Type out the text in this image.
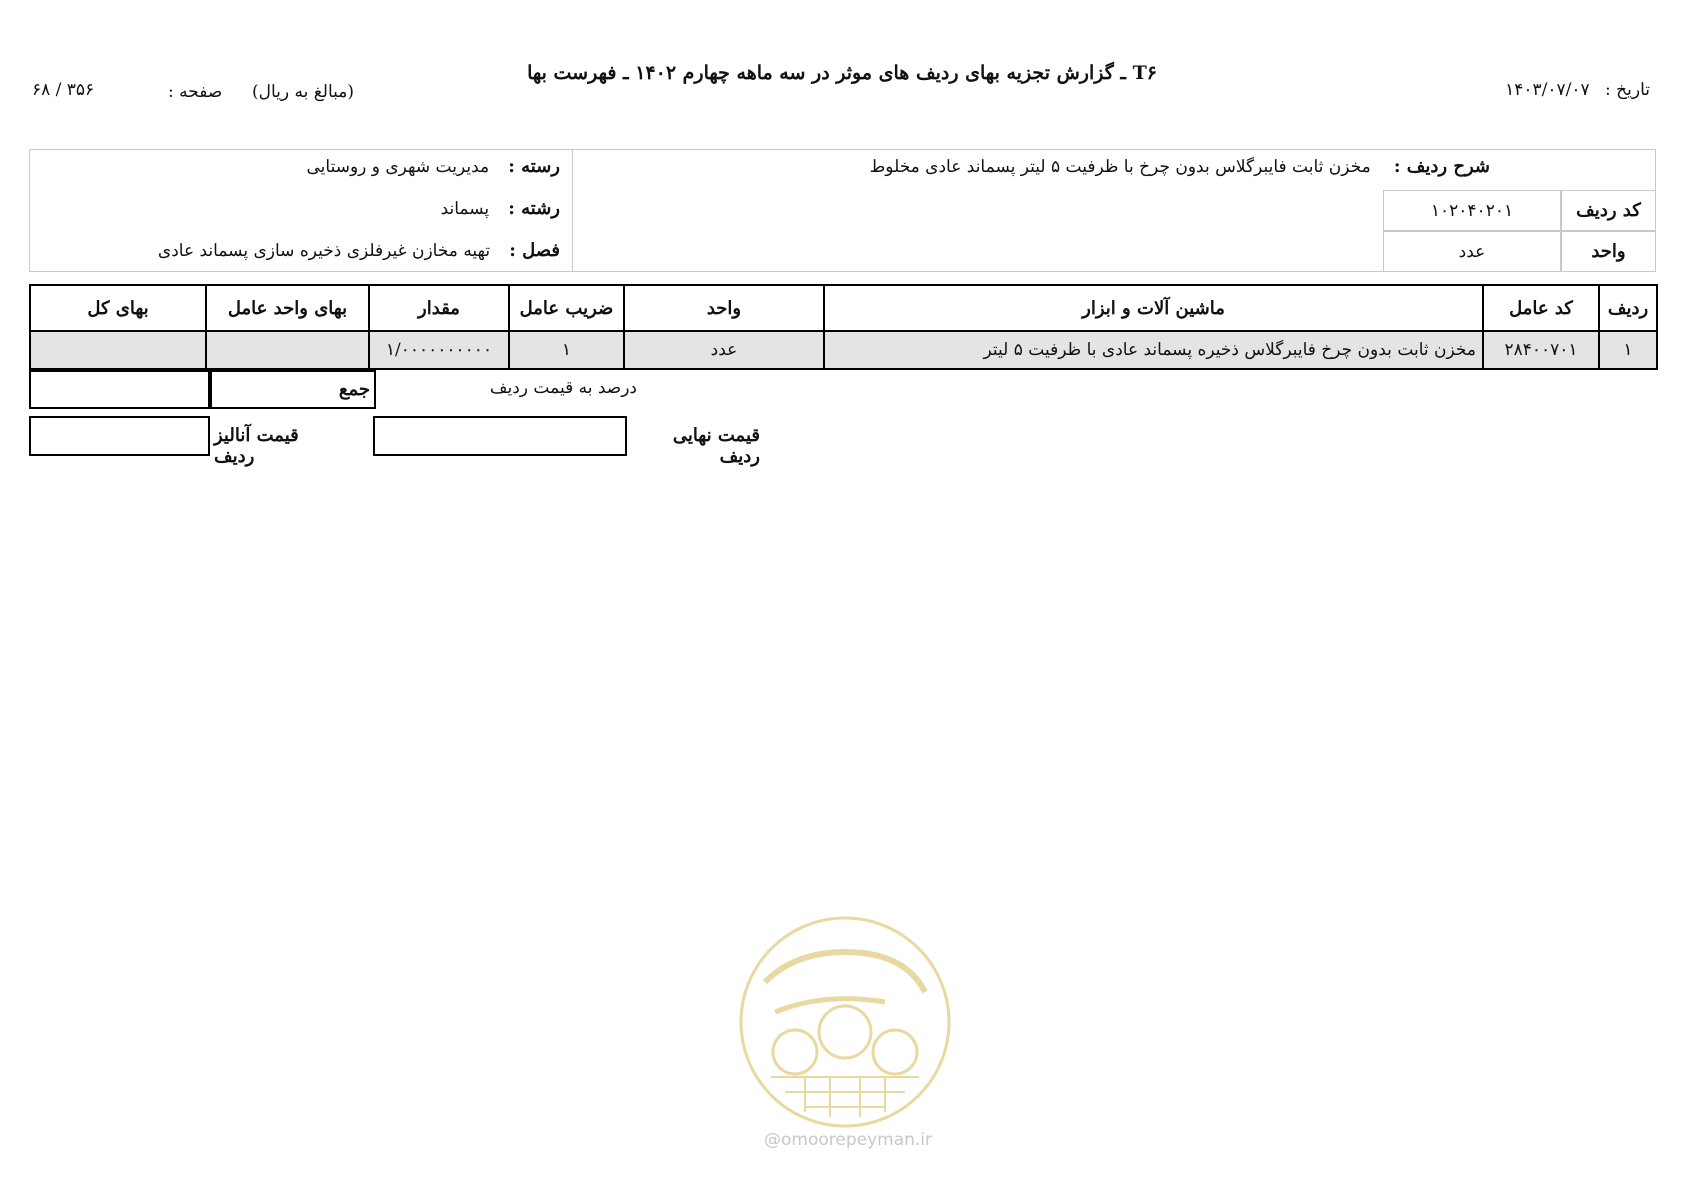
T۶ ـ گزارش تجزیه بهای ردیف های موثر در سه ماهه چهارم ۱۴۰۲ ـ فهرست بها
تاریخ : ۱۴۰۳/۰۷/۰۷
(مبالغ به ریال)
صفحه :
۶۸ / ۳۵۶
شرح ردیف : مخزن ثابت فایبرگلاس بدون چرخ با ظرفیت ۵ لیتر پسماند عادی مخلوط
کد ردیف
۱۰۲۰۴۰۲۰۱
واحد
عدد
رسته : مدیریت شهری و روستایی
رشته : پسماند
فصل : تهیه مخازن غیرفلزی ذخیره سازی پسماند عادی
ردیف	کد عامل	ماشین آلات و ابزار	واحد	ضریب عامل	مقدار	بهای واحد عامل	بهای کل
۱	۲۸۴۰۰۷۰۱	مخزن ثابت بدون چرخ فایبرگلاس ذخیره پسماند عادی با ظرفیت ۵ لیتر	عدد	۱	۱/۰۰۰۰۰۰۰۰۰۰		
درصد به قیمت ردیف
جمع
قیمت نهایی ردیف
قیمت آنالیز ردیف
@omoorepeyman.ir
